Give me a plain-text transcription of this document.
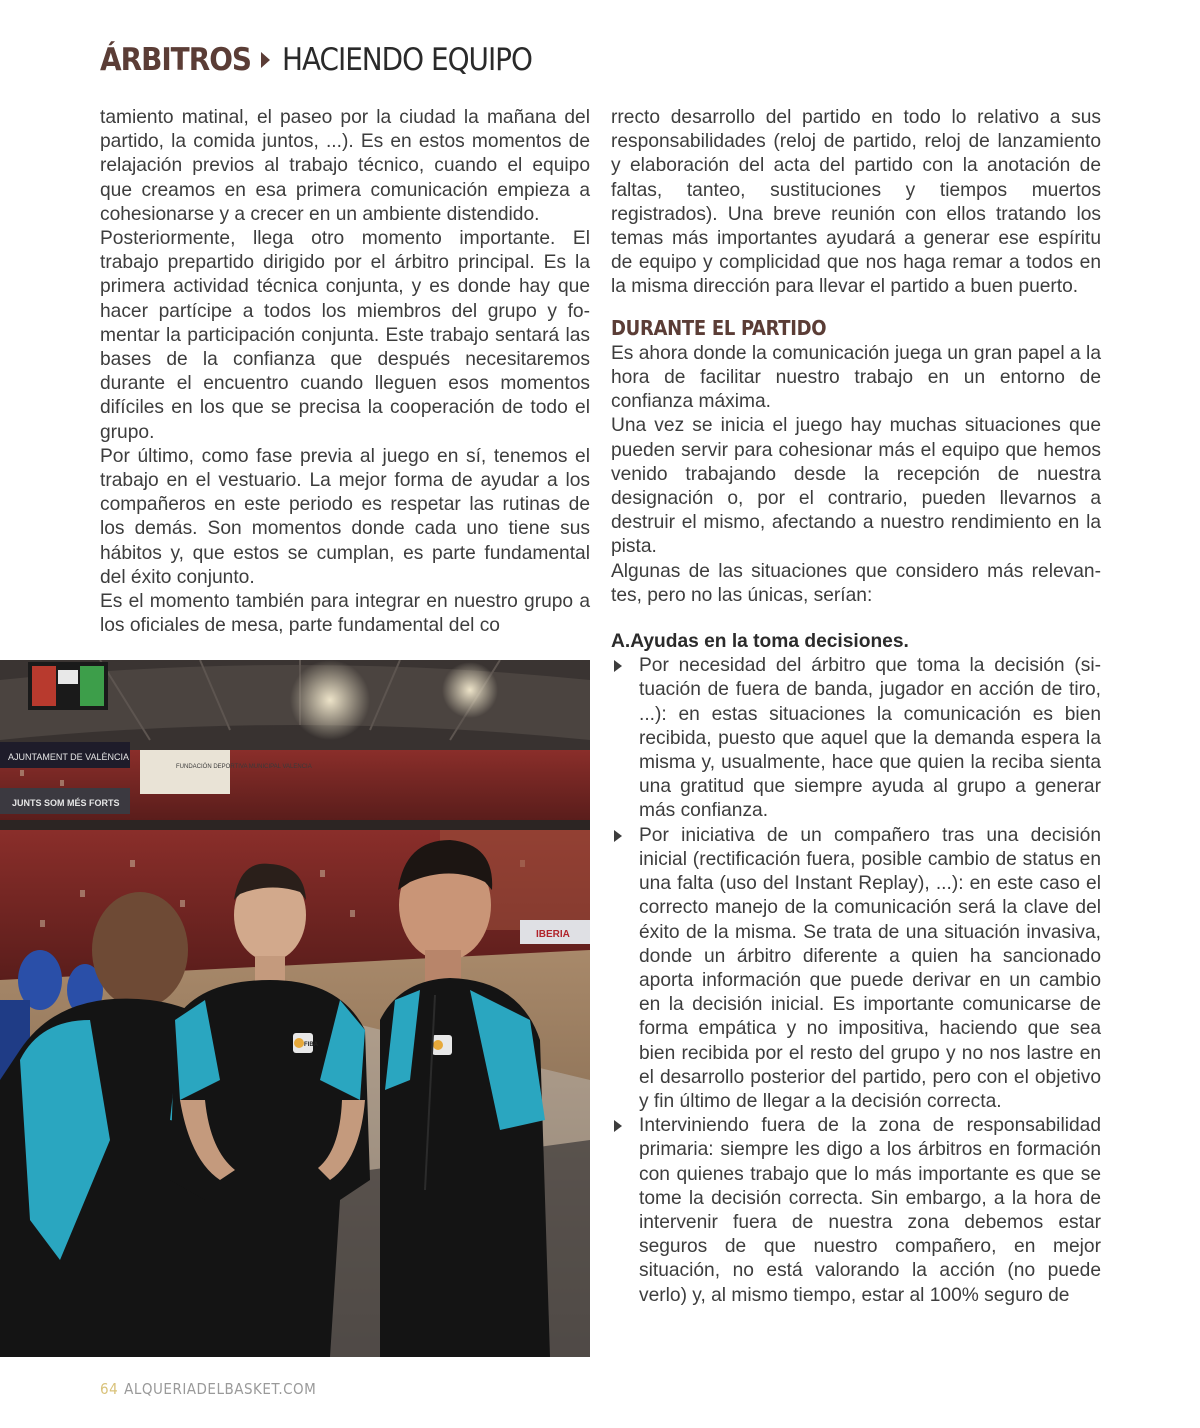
ÁRBITROS HACIENDO EQUIPO

tamiento matinal, el paseo por la ciudad la mañana del partido, la comida juntos, ...). Es en estos momentos de relajación previos al trabajo técnico, cuando el equipo que creamos en esa primera comunicación empieza a cohesionarse y a crecer en un ambiente distendido.

Posteriormente, llega otro momento importante. El trabajo prepartido dirigido por el árbitro principal. Es la primera actividad técnica conjunta, y es donde hay que hacer partícipe a todos los miembros del grupo y fomentar la participación conjunta. Este trabajo sentará las bases de la confianza que después necesitaremos durante el encuentro cuando lleguen esos momentos difíciles en los que se precisa la cooperación de todo el grupo.

Por último, como fase previa al juego en sí, tenemos el trabajo en el vestuario. La mejor forma de ayudar a los compañeros en este periodo es respetar las rutinas de los demás. Son momentos donde cada uno tiene sus hábitos y, que estos se cumplan, es parte fundamental del éxito conjunto.

Es el momento también para integrar en nuestro grupo a los oficiales de mesa, parte fundamental del co

AJUNTAMENT DE VALÈNCIA
FUNDACIÓN DEPORTIVA MUNICIPAL VALENCIA
JUNTS SOM MÉS FORTS
IBERIA
FIBA

rrecto desarrollo del partido en todo lo relativo a sus responsabilidades (reloj de partido, reloj de lanzamiento y elaboración del acta del partido con la anotación de faltas, tanteo, sustituciones y tiempos muertos registrados). Una breve reunión con ellos tratando los temas más importantes ayudará a generar ese espíritu de equipo y complicidad que nos haga remar a todos en la misma dirección para llevar el partido a buen puerto.

DURANTE EL PARTIDO

Es ahora donde la comunicación juega un gran papel a la hora de facilitar nuestro trabajo en un entorno de confianza máxima.

Una vez se inicia el juego hay muchas situaciones que pueden servir para cohesionar más el equipo que hemos venido trabajando desde la recepción de nuestra designación o, por el contrario, pueden llevarnos a destruir el mismo, afectando a nuestro rendimiento en la pista.

Algunas de las situaciones que considero más relevantes, pero no las únicas, serían:

A.Ayudas en la toma decisiones.

Por necesidad del árbitro que toma la decisión (situación de fuera de banda, jugador en acción de tiro, ...): en estas situaciones la comunicación es bien recibida, puesto que aquel que la demanda espera la misma y, usualmente, hace que quien la reciba sienta una gratitud que siempre ayuda al grupo a generar más confianza.
Por iniciativa de un compañero tras una decisión inicial (rectificación fuera, posible cambio de status en una falta (uso del Instant Replay), ...): en este caso el correcto manejo de la comunicación será la clave del éxito de la misma. Se trata de una situación invasiva, donde un árbitro diferente a quien ha sancionado aporta información que puede derivar en un cambio en la decisión inicial. Es importante comunicarse de forma empática y no impositiva, haciendo que sea bien recibida por el resto del grupo y no nos lastre en el desarrollo posterior del partido, pero con el objetivo y fin último de llegar a la decisión correcta.
Interviniendo fuera de la zona de responsabilidad primaria: siempre les digo a los árbitros en formación con quienes trabajo que lo más importante es que se tome la decisión correcta. Sin embargo, a la hora de intervenir fuera de nuestra zona debemos estar seguros de que nuestro compañero, en mejor situación, no está valorando la acción (no puede verlo) y, al mismo tiempo, estar al 100% seguro de
64 ALQUERIADELBASKET.COM
